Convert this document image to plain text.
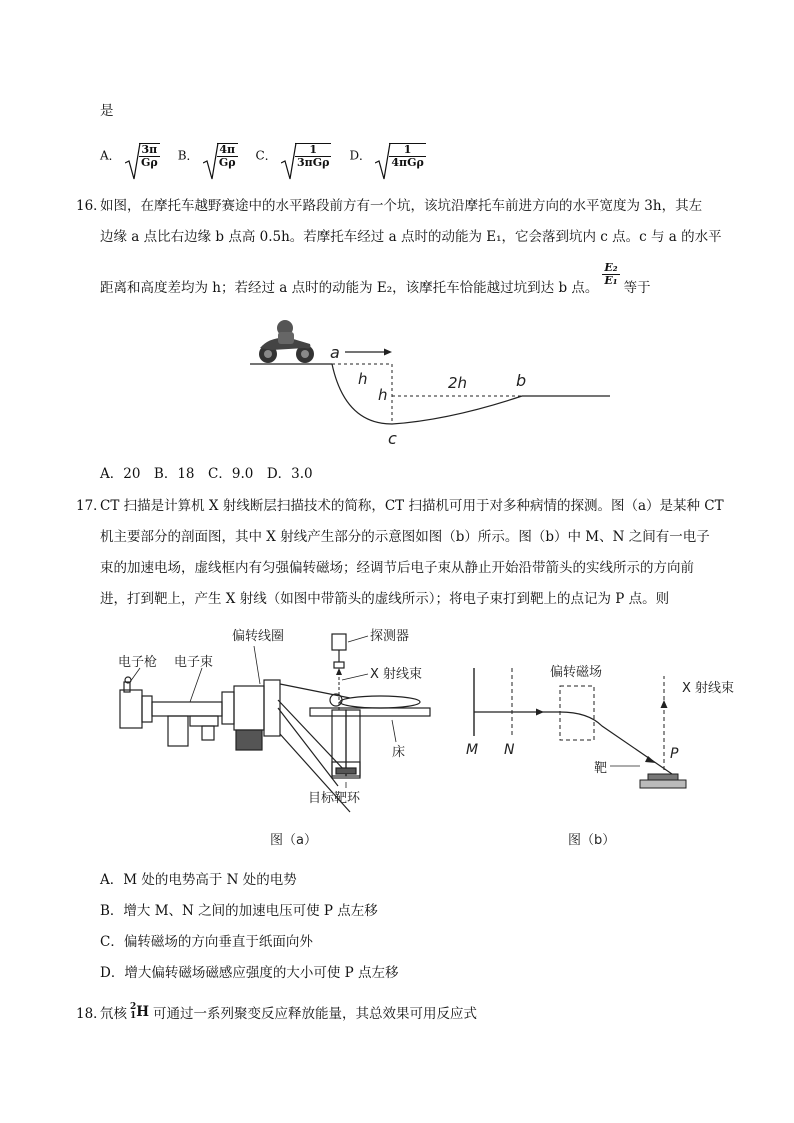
是
A． $\frac{3\pi}{G\rho}$ B． $\frac{4\pi}{G\rho}$ C． $\frac{1}{\text{3πGρ}}$ D． $\frac{1}{\text{4πGρ}}$
16．
如图，在摩托车越野赛途中的水平路段前方有一个坑，该坑沿摩托车前进方向的水平宽度为 3h，其左
边缘 a 点比右边缘 b 点高 0.5h。若摩托车经过 a 点时的动能为 E₁，它会落到坑内 c 点。c 与 a 的水平
距离和高度差均为 h；若经过 a 点时的动能为 E₂，该摩托车恰能越过坑到达 b 点。
$\frac{\text{E₂}}{\text{E₁}}$
等于
a
h
h
2h	b
c
A．20　B．18　C．9.0　D．3.0
17．
CT 扫描是计算机 X 射线断层扫描技术的简称，CT 扫描机可用于对多种病情的探测。图（a）是某种 CT
机主要部分的剖面图，其中 X 射线产生部分的示意图如图（b）所示。图（b）中 M、N 之间有一电子
束的加速电场，虚线框内有匀强偏转磁场；经调节后电子束从静止开始沿带箭头的实线所示的方向前
进，打到靶上，产生 X 射线（如图中带箭头的虚线所示）；将电子束打到靶上的点记为 P 点。则
电子枪 电子束
偏转线圈	探测器
X 射线束
床
目标靶环
图（a）
偏转磁场
X 射线束
M N	P
靶
图（b）
A．M 处的电势高于 N 处的电势
B．增大 M、N 之间的加速电压可使 P 点左移
C．偏转磁场的方向垂直于纸面向外
D．增大偏转磁场磁感应强度的大小可使 P 点左移
18．
氘核 2
1 H 可通过一系列聚变反应释放能量，其总效果可用反应式
